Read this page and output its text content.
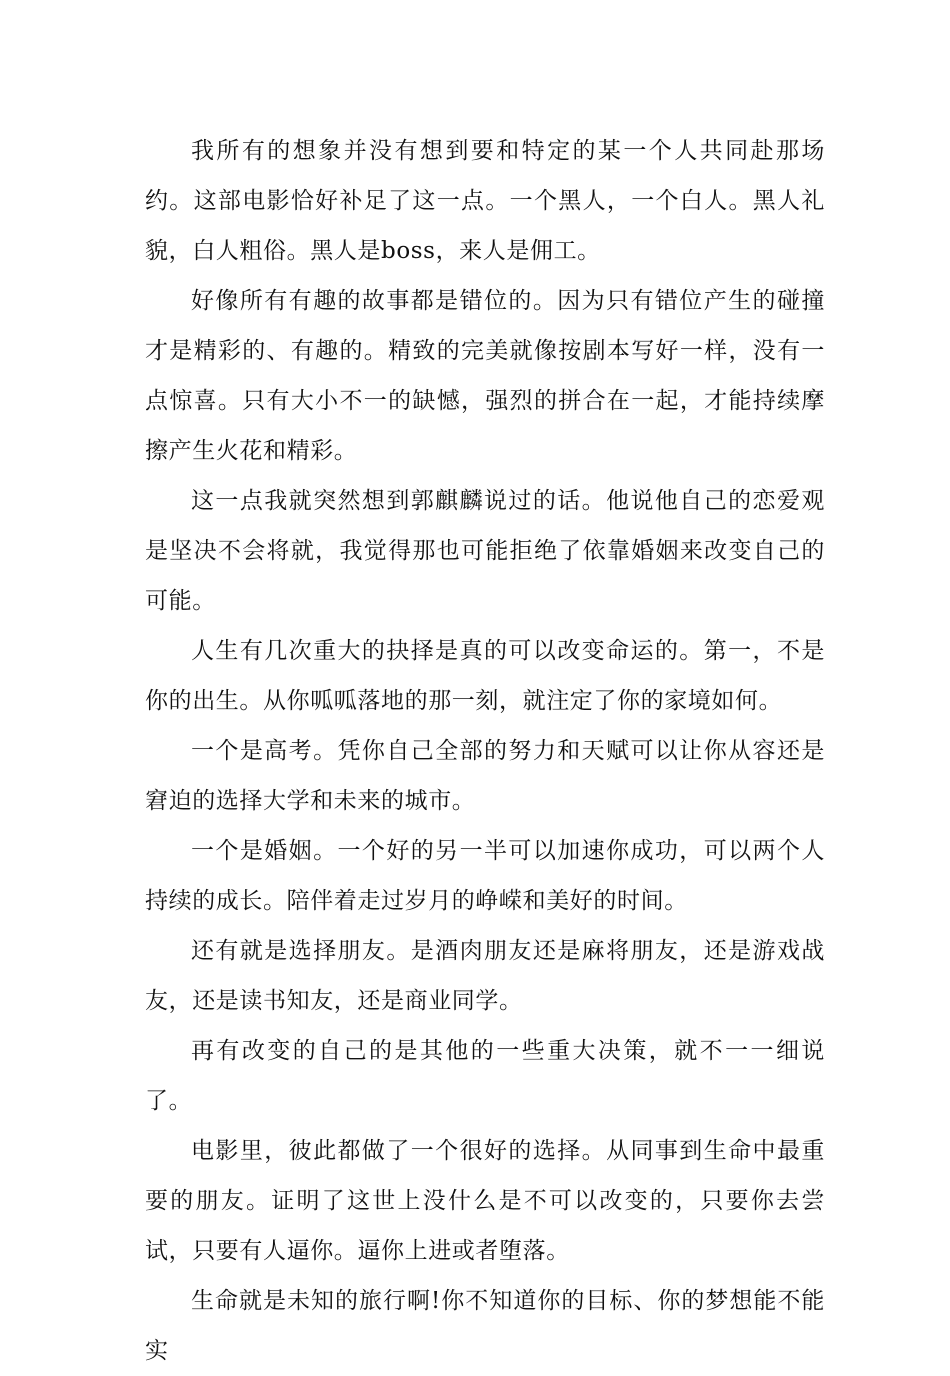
我所有的想象并没有想到要和特定的某一个人共同赴那场约。这部电影恰好补足了这一点。一个黑人，一个白人。黑人礼貌，白人粗俗。黑人是boss，来人是佣工。

好像所有有趣的故事都是错位的。因为只有错位产生的碰撞才是精彩的、有趣的。精致的完美就像按剧本写好一样，没有一点惊喜。只有大小不一的缺憾，强烈的拼合在一起，才能持续摩擦产生火花和精彩。

这一点我就突然想到郭麒麟说过的话。他说他自己的恋爱观是坚决不会将就，我觉得那也可能拒绝了依靠婚姻来改变自己的可能。

人生有几次重大的抉择是真的可以改变命运的。第一，不是你的出生。从你呱呱落地的那一刻，就注定了你的家境如何。

一个是高考。凭你自己全部的努力和天赋可以让你从容还是窘迫的选择大学和未来的城市。

一个是婚姻。一个好的另一半可以加速你成功，可以两个人持续的成长。陪伴着走过岁月的峥嵘和美好的时间。

还有就是选择朋友。是酒肉朋友还是麻将朋友，还是游戏战友，还是读书知友，还是商业同学。

再有改变的自己的是其他的一些重大决策，就不一一细说了。

电影里，彼此都做了一个很好的选择。从同事到生命中最重要的朋友。证明了这世上没什么是不可以改变的，只要你去尝试，只要有人逼你。逼你上进或者堕落。

生命就是未知的旅行啊!你不知道你的目标、你的梦想能不能实
